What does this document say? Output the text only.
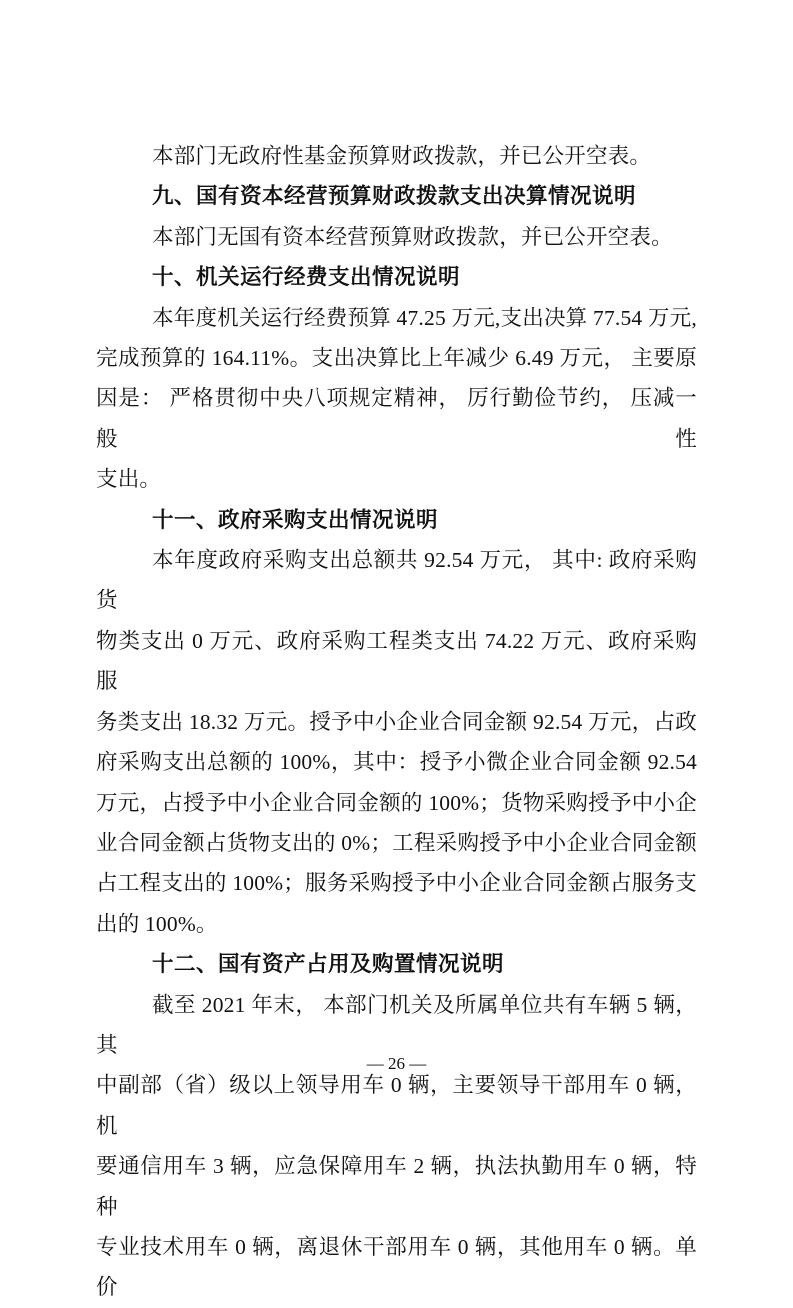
本部门无政府性基金预算财政拨款，并已公开空表。
九、国有资本经营预算财政拨款支出决算情况说明
本部门无国有资本经营预算财政拨款，并已公开空表。
十、机关运行经费支出情况说明
本年度机关运行经费预算 47.25 万元,支出决算 77.54 万元,
完成预算的 164.11%。支出决算比上年减少 6.49 万元， 主要原
因是： 严格贯彻中央八项规定精神， 厉行勤俭节约， 压减一般性
支出。
十一、政府采购支出情况说明
本年度政府采购支出总额共 92.54 万元， 其中: 政府采购货
物类支出 0 万元、政府采购工程类支出 74.22 万元、政府采购服
务类支出 18.32 万元。授予中小企业合同金额 92.54 万元，占政
府采购支出总额的 100%，其中：授予小微企业合同金额 92.54
万元，占授予中小企业合同金额的 100%；货物采购授予中小企
业合同金额占货物支出的 0%；工程采购授予中小企业合同金额
占工程支出的 100%；服务采购授予中小企业合同金额占服务支
出的 100%。
十二、国有资产占用及购置情况说明
截至 2021 年末， 本部门机关及所属单位共有车辆 5 辆，其
中副部（省）级以上领导用车 0 辆，主要领导干部用车 0 辆，机
要通信用车 3 辆，应急保障用车 2 辆，执法执勤用车 0 辆，特种
专业技术用车 0 辆，离退休干部用车 0 辆，其他用车 0 辆。单价
— 26 —
